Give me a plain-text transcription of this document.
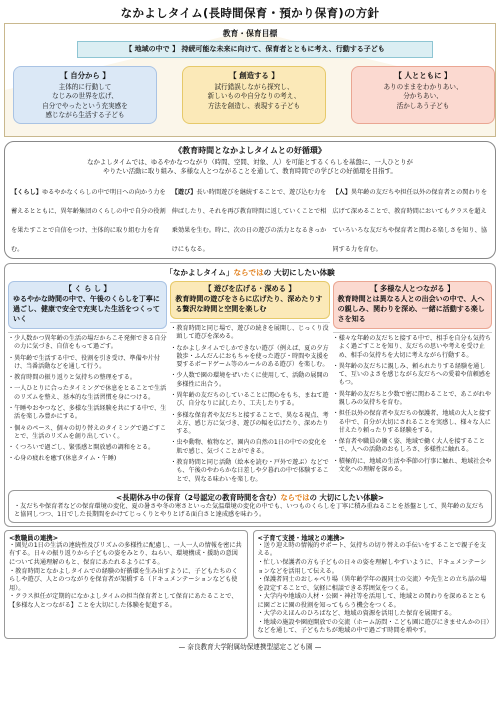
なかよしタイム(長時間保育・預かり保育)の方針
教育・保育目標
【 地域の中で 】 持続可能な未来に向けて、保育者とともに考え、行動する子ども
【 自分から 】
主体的に行動して
なじみの世界を広げ、
自分でやったという充実感を
感じながら生活する子ども
【 創造する 】
試行錯誤しながら探究し、
新しいものや自分なりの考え、
方法を創造し、表現する子ども
【 人とともに 】
ありのままをわかりあい、
分かちあい、
活かしあう子ども
《教育時間となかよしタイムとの好循環》
なかよしタイムでは、ゆるやかなつながり（時間、空間、対象、人）を可能とするくらしを基盤に、一人ひとりが
やりたい活動に取り組み、多様な人とつながることを通して、教育時間での学びとの好循環を目指す。
【くらし】ゆるやかなくらしの中で明日への向かう力を蓄えるとともに、異年齢集団のくらしの中で自分の役割を果たすことで自信をつけ、主体的に取り組む力を育む。
【遊び】長い時間遊びを継続することで、遊び込む力を伸ばしたり、それを再び教育時間に返していくことで相乗効果を生む。時に、次の日の遊びの活力となるきっかけにもなる。
【人】異年齢の友だちや担任以外の保育者との関わりを広げて深めることで、教育時間においてもクラスを超えていろいろな友だちや保育者と関わる楽しさを知り、協同する力を育む。
「なかよしタイム」ならではの 大切にしたい体験
【 く ら し 】
ゆるやかな時間の中で、午後のくらしを丁寧に過ごし、健康で安全で充実した生活をつくっていく
・ 少人数かつ異年齢の生活の場だからこそ発揮できる自分の力に気づき、自信をもって過ごす。
・ 異年齢で生活する中で、役割を引き受け、準備や片付け、当番活動などを通して行う。
・ 教育時間の振り返りと気持ちの整理をする。
・ 一人ひとりに合ったタイミングで休息をとることで生活のリズムを整え、基本的な生活習慣を身につける。
・ 午睡やおやつなど、多様な生活経験を共にする中で、生活を楽しみ豊かにする。
・ 個々のペース、個々の切り替えのタイミングで過ごすことで、生活のリズムを創り出していく。
・ くつろいで過ごし、緊張感と開放感の調和をとる。
・ 心身の疲れを癒す(休息タイム・午睡)
【 遊びを広げる・深める 】
教育時間の遊びをさらに広げたり、深めたりする贅沢な時間と空間を楽しむ
・ 教育時間と同じ場で、遊びの続きを展開し、じっくり没頭して遊びを深める。
・ なかよしタイムでしかできない遊び（例えば、夏の夕方散歩・ふんだんにおもちゃを使った遊び・時間や支援を要するボードゲーム等のルールのある遊び）を楽しむ。
・ 少人数で園の環境をぜいたくに使用して、活動の展開の多様性に出合う。
・ 異年齢の友だちのしていることに関心をもち、まねて遊び、自分なりに試したり、工夫したりする。
・ 多様な保育者や友だちと接することで、異なる視点、考え方、感じ方に気づき、遊びの幅を広げたり、深めたりする。
・ 虫や動物、植物など、園内の自然の1日の中での変化を肌で感じ、気づくことができる。
・ 教育時間と同じ活動（絵本を読む・戸外で遊ぶ）などでも、午後のやわらかな日差しや夕暮れの中で体験することで、異なる味わいを楽しむ。
【 多様な人とつながる 】
教育時間とは異なる人との出会いの中で、人への親しみ、関わりを深め、一緒に活動する楽しさを知る
・ 様々な年齢の友だちと接する中で、相手を自分も気持ちよく過ごすことを知り、友だちの思いや考えを受け止め、相手の気持ちを大切に考えながら行動する。
・ 異年齢の友だちに親しみ、頼られたりする経験を通して、互いのよさを感じながら友だちへの愛着や信頼感をもつ。
・ 異年齢の友だちと少数で密に関わることで、あこがれや親しみの気持ちを育む。
・ 担任以外の保育者や友だちの保護者、地域の大人と接する中で、自分が大切にされることを実感し、様々な人に甘えたり頼ったりする経験をする。
・ 保育者や職員の働く姿、地域で働く大人を接することで、人への活動のおもしろさ、多様性に触れる。
・ 積極的に、地域の生活や季節の行事に触れ、地域社会や文化への理解を深める。
<長期休み中の保育（2号認定の教育時間を含む）ならではの 大切にしたい体験>
・友だちや保育者などの保育環境の変化、夏の暑さや冬の寒さといった気温環境の変化の中でも、いつものくらしを丁寧に積み重ねることを基盤として、異年齢の友だちと協同しつつ、1日でした長期間をかけてじっくりとやりとげる面白さと達成感を味わう。
<教職員の連携>
・園児の1日の生活の連続性及びリズムの多様性に配慮し、一人一人の情報を密に共有する。日々の振り返りから子どもの姿をみとり、ねらい、環境構成・援助の意図について共通理解のもと、保育にあたれるようにする。
・教育時間となかよしタイムでの経験の好循環を生み出すように、子どもたちのくらしや遊び、人とのつながりを保育者が架橋する（ドキュメンテーションなども使用）。
・クラス担任が定期的になかよしタイムの担当保育者として保育にあたることで、【多様な人とつながる】ことを大切にした体験を促進する。
<子育て支援・地域との連携>
・送り迎え時の情報的サポート、気持ちの切り替えの手伝いをすることで親子を支える。
・忙しい保護者の方も子どもの日々の姿を理解しやすいように、ドキュメンテーションなどを活用して伝える。
・保護者同士のおしゃべり場（異年齢学年の親同士の交流）や先生との立ち話の場を設定することで、気軽に相談できる雰囲気をつくる。
・大学内や地域の人材・公園・神社等を活用して、地域との関わりを深めるとともに園ごとに園の役割を知ってもらう機会をつくる。
・大学のえほんのひろばなど、地域の資源を活用した保育を展開する。
・地域の施設や園庭開放での交流（ホーム訪問・こども園に遊びにきませんかの日）などを通して、子どもたちが地域の中で過ごす時間を増やす。
— 奈良教育大学附属幼保連携型認定こども園 —
